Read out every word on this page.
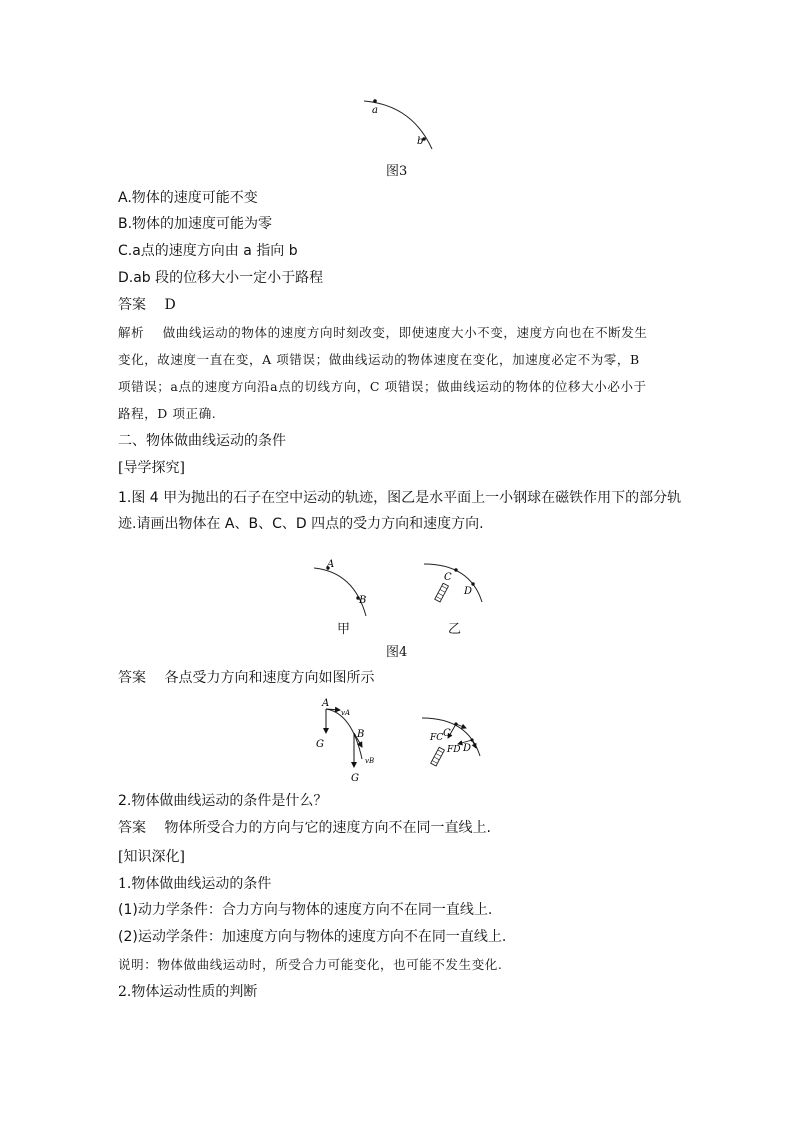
a
b
图3
A.物体的速度可能不变
B.物体的加速度可能为零
C.a点的速度方向由 a 指向 b
D.ab 段的位移大小一定小于路程
答案 D
解析 做曲线运动的物体的速度方向时刻改变，即使速度大小不变，速度方向也在不断发生
变化，故速度一直在变，A 项错误；做曲线运动的物体速度在变化，加速度必定不为零，B
项错误；a点的速度方向沿a点的切线方向，C 项错误；做曲线运动的物体的位移大小必小于
路程，D 项正确.
二、物体做曲线运动的条件
[导学探究]
1.图 4 甲为抛出的石子在空中运动的轨迹，图乙是水平面上一小钢球在磁铁作用下的部分轨
迹.请画出物体在 A、B、C、D 四点的受力方向和速度方向.
A
B
C
D
甲	乙
图4
答案 各点受力方向和速度方向如图所示
A
vA
G
B
vB
G
C
D
FC
FD
2.物体做曲线运动的条件是什么？
答案 物体所受合力的方向与它的速度方向不在同一直线上.
[知识深化]
1.物体做曲线运动的条件
(1)动力学条件：合力方向与物体的速度方向不在同一直线上.
(2)运动学条件：加速度方向与物体的速度方向不在同一直线上.
说明：物体做曲线运动时，所受合力可能变化，也可能不发生变化.
2.物体运动性质的判断
